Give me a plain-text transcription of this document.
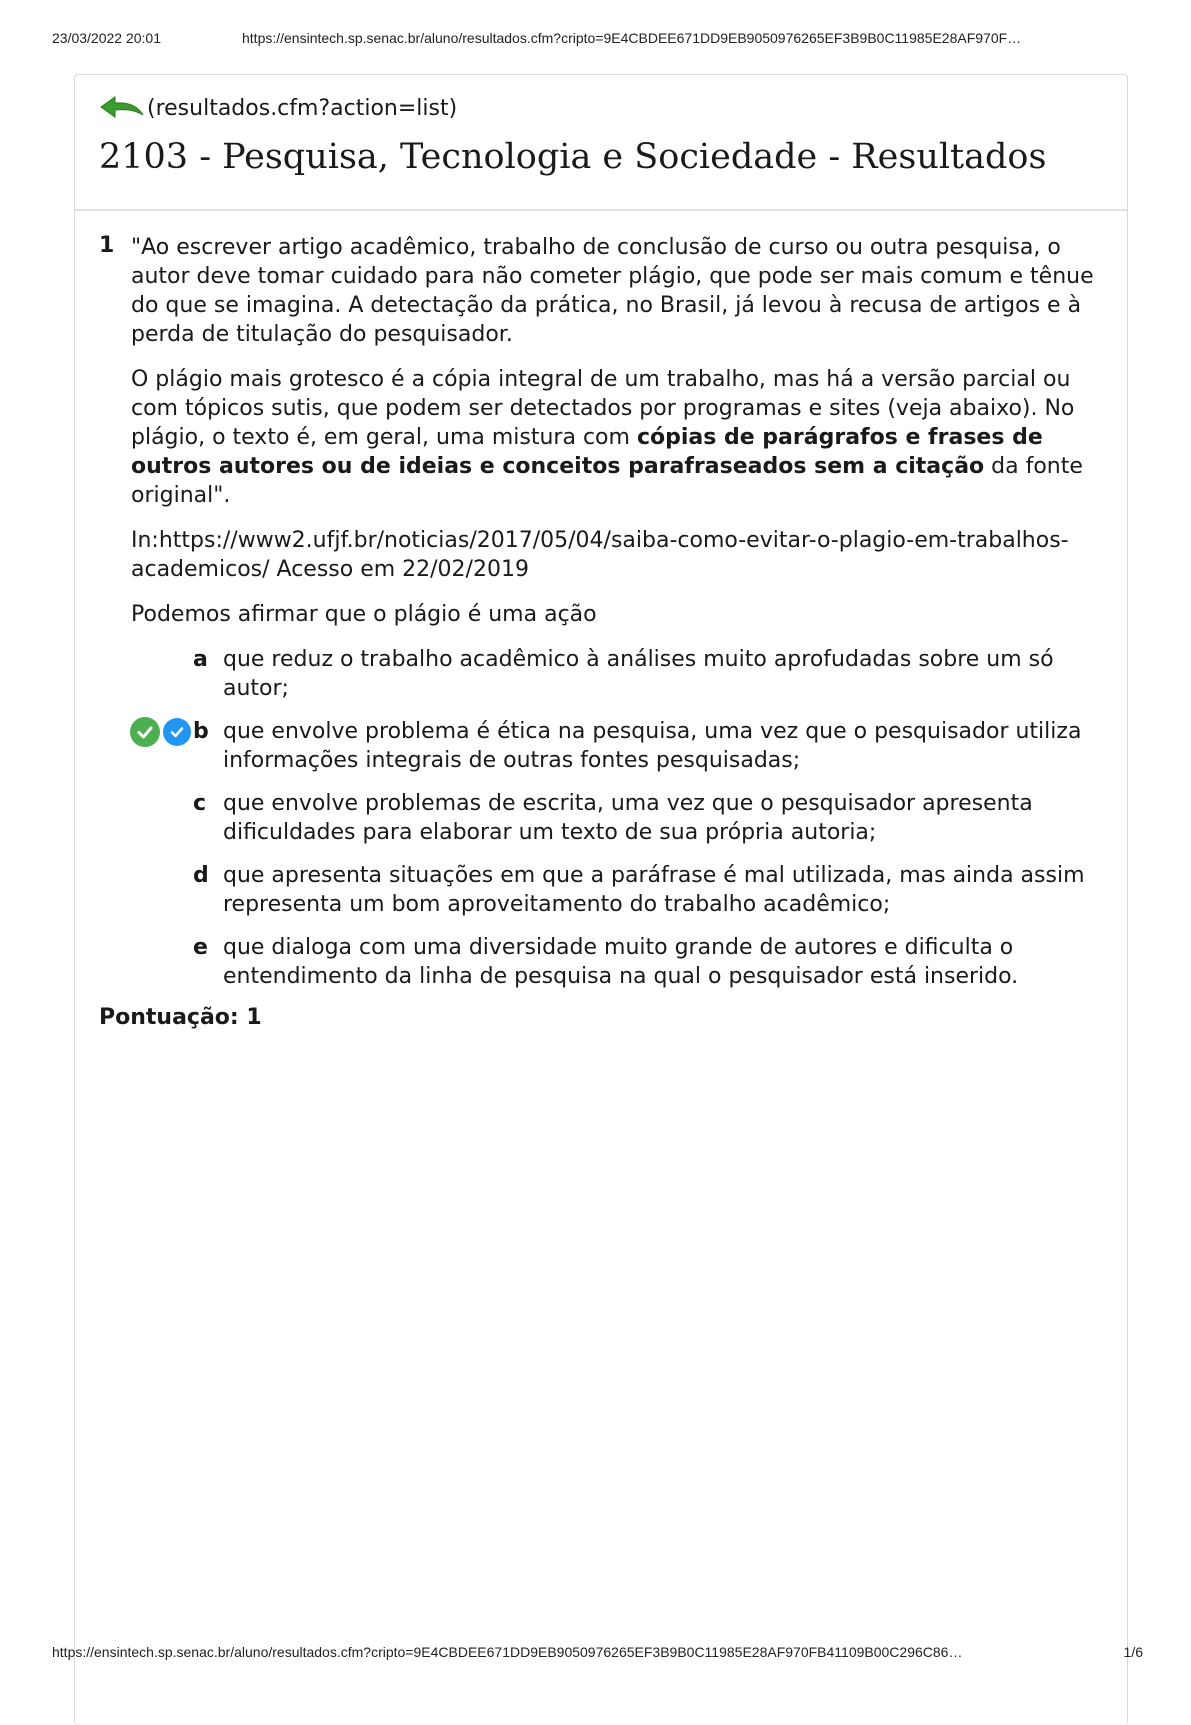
23/03/2022 20:01	https://ensintech.sp.senac.br/aluno/resultados.cfm?cripto=9E4CBDEE671DD9EB9050976265EF3B9B0C11985E28AF970F…
(resultados.cfm?action=list)
2103 - Pesquisa, Tecnologia e Sociedade - Resultados
1 "Ao escrever artigo acadêmico, trabalho de conclusão de curso ou outra pesquisa, o autor deve tomar cuidado para não cometer plágio, que pode ser mais comum e tênue do que se imagina. A detectação da prática, no Brasil, já levou à recusa de artigos e à perda de titulação do pesquisador.

O plágio mais grotesco é a cópia integral de um trabalho, mas há a versão parcial ou com tópicos sutis, que podem ser detectados por programas e sites (veja abaixo). No plágio, o texto é, em geral, uma mistura com cópias de parágrafos e frases de outros autores ou de ideias e conceitos parafraseados sem a citação da fonte original".

In:https://www2.ufjf.br/noticias/2017/05/04/saiba-como-evitar-o-plagio-em-trabalhos-academicos/ Acesso em 22/02/2019

Podemos afirmar que o plágio é uma ação

a que reduz o trabalho acadêmico à análises muito aprofudadas sobre um só autor;
b que envolve problema é ética na pesquisa, uma vez que o pesquisador utiliza informações integrais de outras fontes pesquisadas;
c que envolve problemas de escrita, uma vez que o pesquisador apresenta dificuldades para elaborar um texto de sua própria autoria;
d que apresenta situações em que a paráfrase é mal utilizada, mas ainda assim representa um bom aproveitamento do trabalho acadêmico;
e que dialoga com uma diversidade muito grande de autores e dificulta o entendimento da linha de pesquisa na qual o pesquisador está inserido.
Pontuação: 1
https://ensintech.sp.senac.br/aluno/resultados.cfm?cripto=9E4CBDEE671DD9EB9050976265EF3B9B0C11985E28AF970FB41109B00C296C86…	1/6
